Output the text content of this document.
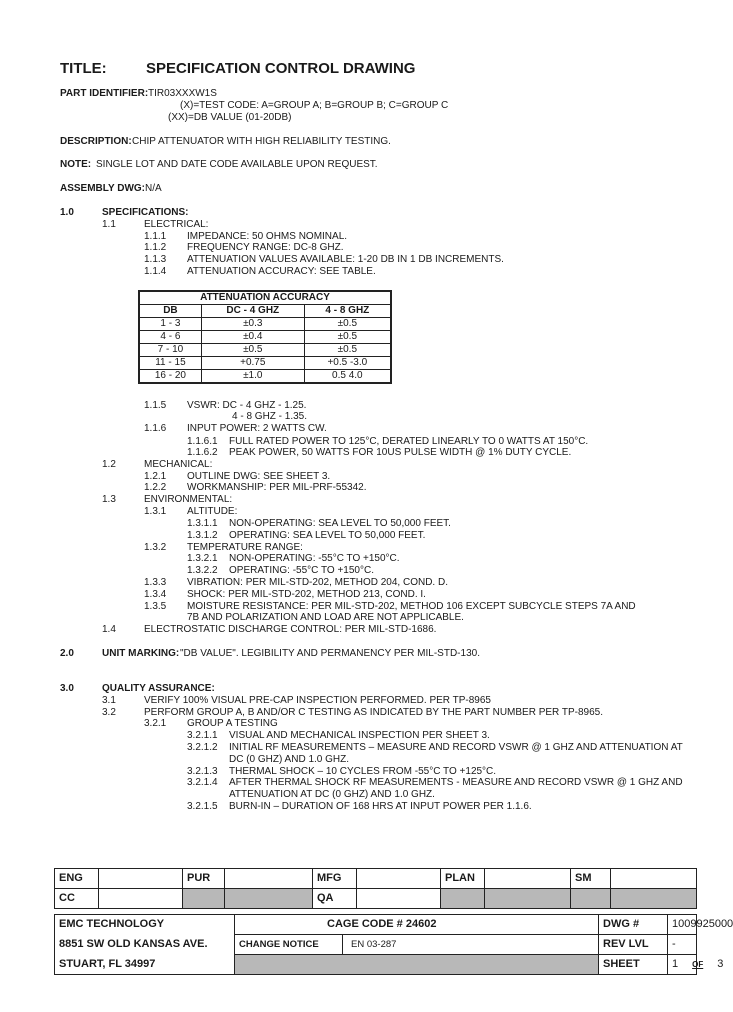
TITLE:	SPECIFICATION CONTROL DRAWING
PART IDENTIFIER: TIR03XXXW1S
(X)=TEST CODE: A=GROUP A; B=GROUP B; C=GROUP C
(XX)=DB VALUE (01-20DB)
DESCRIPTION: CHIP ATTENUATOR WITH HIGH RELIABILITY TESTING.
NOTE: SINGLE LOT AND DATE CODE AVAILABLE UPON REQUEST.
ASSEMBLY DWG: N/A
1.0	SPECIFICATIONS:
1.1	ELECTRICAL:
1.1.1 IMPEDANCE: 50 OHMS NOMINAL.
1.1.2 FREQUENCY RANGE: DC-8 GHZ.
1.1.3 ATTENUATION VALUES AVAILABLE: 1-20 DB IN 1 DB INCREMENTS.
1.1.4 ATTENUATION ACCURACY: SEE TABLE.
ATTENUATION ACCURACY		
DB	DC - 4 GHZ	4 - 8 GHZ
1 - 3	±0.3	±0.5
4 - 6	±0.4	±0.5
7 - 10	±0.5	±0.5
11 - 15	+0.75	+0.5 -3.0
16 - 20	±1.0	0.5 4.0
1.1.5 VSWR: DC - 4 GHZ - 1.25.
4 - 8 GHZ - 1.35.
1.1.6 INPUT POWER: 2 WATTS CW.
1.1.6.1 FULL RATED POWER TO 125°C, DERATED LINEARLY TO 0 WATTS AT 150°C.
1.1.6.2 PEAK POWER, 50 WATTS FOR 10US PULSE WIDTH @ 1% DUTY CYCLE.
1.2	MECHANICAL:
1.2.1 OUTLINE DWG: SEE SHEET 3.
1.2.2 WORKMANSHIP: PER MIL-PRF-55342.
1.3	ENVIRONMENTAL:
1.3.1 ALTITUDE:
1.3.1.1 NON-OPERATING: SEA LEVEL TO 50,000 FEET.
1.3.1.2 OPERATING: SEA LEVEL TO 50,000 FEET.
1.3.2 TEMPERATURE RANGE:
1.3.2.1 NON-OPERATING: -55°C TO +150°C.
1.3.2.2 OPERATING: -55°C TO +150°C.
1.3.3 VIBRATION: PER MIL-STD-202, METHOD 204, COND. D.
1.3.4 SHOCK: PER MIL-STD-202, METHOD 213, COND. I.
1.3.5 MOISTURE RESISTANCE: PER MIL-STD-202, METHOD 106 EXCEPT SUBCYCLE STEPS 7A AND
7B AND POLARIZATION AND LOAD ARE NOT APPLICABLE.
1.4	ELECTROSTATIC DISCHARGE CONTROL: PER MIL-STD-1686.
2.0	UNIT MARKING: "DB VALUE". LEGIBILITY AND PERMANENCY PER MIL-STD-130.
3.0	QUALITY ASSURANCE:
3.1	VERIFY 100% VISUAL PRE-CAP INSPECTION PERFORMED. PER TP-8965
3.2	PERFORM GROUP A, B AND/OR C TESTING AS INDICATED BY THE PART NUMBER PER TP-8965.
3.2.1 GROUP A TESTING
3.2.1.1 VISUAL AND MECHANICAL INSPECTION PER SHEET 3.
3.2.1.2 INITIAL RF MEASUREMENTS – MEASURE AND RECORD VSWR @ 1 GHZ AND ATTENUATION AT
DC (0 GHZ) AND 1.0 GHZ.
3.2.1.3 THERMAL SHOCK – 10 CYCLES FROM -55°C TO +125°C.
3.2.1.4 AFTER THERMAL SHOCK RF MEASUREMENTS - MEASURE AND RECORD VSWR @ 1 GHZ AND
ATTENUATION AT DC (0 GHZ) AND 1.0 GHZ.
3.2.1.5 BURN-IN – DURATION OF 168 HRS AT INPUT POWER PER 1.1.6.
ENG		PUR		MFG		PLAN		SM	
CC				QA					
EMC TECHNOLOGY	CAGE CODE # 24602		DWG # 1009925000
8851 SW OLD KANSAS AVE.	CHANGE NOTICE	EN 03-287	REV LVL -
STUART, FL 34997			SHEET 1 OF 3
